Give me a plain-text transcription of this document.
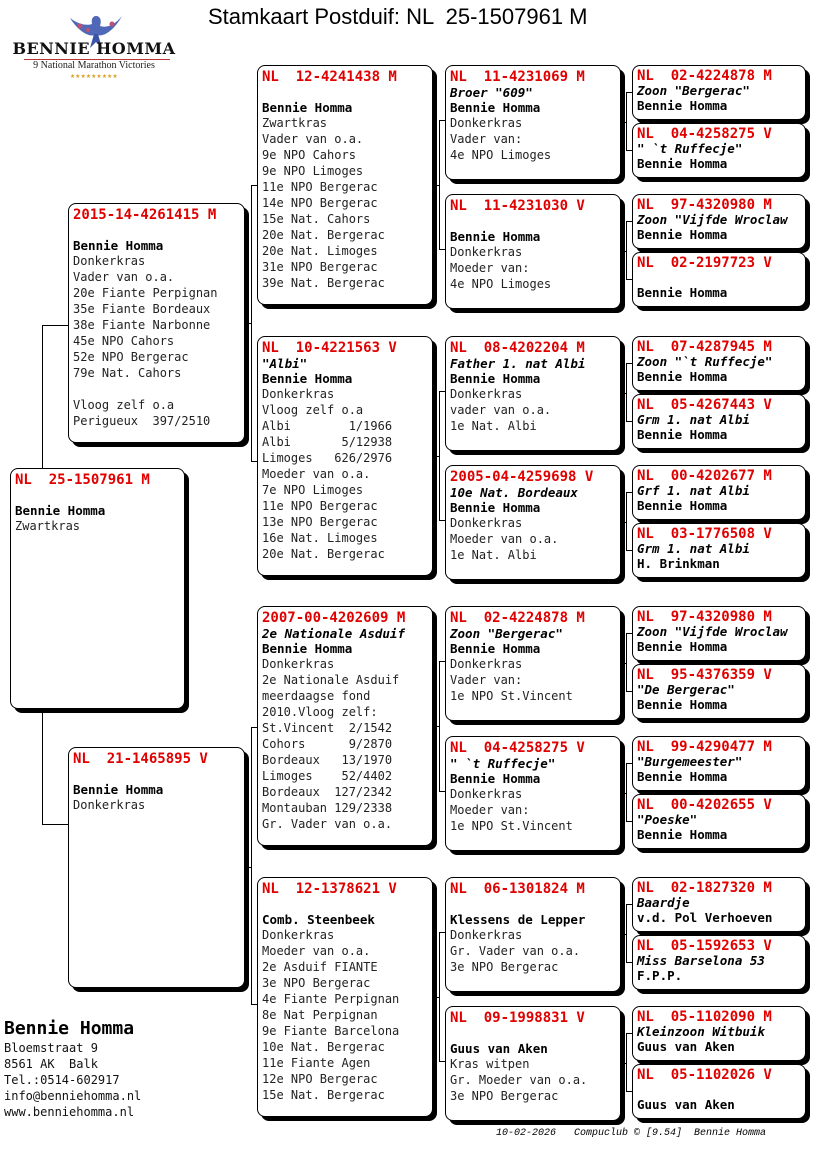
Stamkaart Postduif: NL  25-1507961 M
BENNIE HOMMA
9 National Marathon Victories
★★★★★★★★★
NL  25-1507961 M
Bennie Homma
Zwartkras
2015-14-4261415 M
Bennie Homma
Donkerkras
Vader van o.a.
20e Fiante Perpignan
35e Fiante Bordeaux
38e Fiante Narbonne
45e NPO Cahors
52e NPO Bergerac
79e Nat. Cahors
Vloog zelf o.a
Perigueux  397/2510
NL  21-1465895 V
Bennie Homma
Donkerkras
NL  12-4241438 M
Bennie Homma
Zwartkras
Vader van o.a.
9e NPO Cahors
9e NPO Limoges
11e NPO Bergerac
14e NPO Bergerac
15e Nat. Cahors
20e Nat. Bergerac
20e Nat. Limoges
31e NPO Bergerac
39e Nat. Bergerac
NL  10-4221563 V
"Albi"
Bennie Homma
Donkerkras
Vloog zelf o.a
Albi        1/1966
Albi       5/12938
Limoges   626/2976
Moeder van o.a.
7e NPO Limoges
11e NPO Bergerac
13e NPO Bergerac
16e Nat. Limoges
20e Nat. Bergerac
2007-00-4202609 M
2e Nationale Asduif
Bennie Homma
Donkerkras
2e Nationale Asduif
meerdaagse fond
2010.Vloog zelf:
St.Vincent  2/1542
Cohors      9/2870
Bordeaux   13/1970
Limoges    52/4402
Bordeaux  127/2342
Montauban 129/2338
Gr. Vader van o.a.
NL  12-1378621 V
Comb. Steenbeek
Donkerkras
Moeder van o.a.
2e Asduif FIANTE
3e NPO Bergerac
4e Fiante Perpignan
8e Nat Perpignan
9e Fiante Barcelona
10e Nat. Bergerac
11e Fiante Agen
12e NPO Bergerac
15e Nat. Bergerac
NL  11-4231069 M
Broer "609"
Bennie Homma
Donkerkras
Vader van:
4e NPO Limoges
NL  11-4231030 V
Bennie Homma
Donkerkras
Moeder van:
4e NPO Limoges
NL  08-4202204 M
Father 1. nat Albi
Bennie Homma
Donkerkras
vader van o.a.
1e Nat. Albi
2005-04-4259698 V
10e Nat. Bordeaux
Bennie Homma
Donkerkras
Moeder van o.a.
1e Nat. Albi
NL  02-4224878 M
Zoon "Bergerac"
Bennie Homma
Donkerkras
Vader van:
1e NPO St.Vincent
NL  04-4258275 V
" `t Ruffecje"
Bennie Homma
Donkerkras
Moeder van:
1e NPO St.Vincent
NL  06-1301824 M
Klessens de Lepper
Donkerkras
Gr. Vader van o.a.
3e NPO Bergerac
NL  09-1998831 V
Guus van Aken
Kras witpen
Gr. Moeder van o.a.
3e NPO Bergerac
NL  02-4224878 M
Zoon "Bergerac"
Bennie Homma
NL  04-4258275 V
" `t Ruffecje"
Bennie Homma
NL  97-4320980 M
Zoon "Vijfde Wroclaw
Bennie Homma
NL  02-2197723 V
Bennie Homma
NL  07-4287945 M
Zoon "`t Ruffecje"
Bennie Homma
NL  05-4267443 V
Grm 1. nat Albi
Bennie Homma
NL  00-4202677 M
Grf 1. nat Albi
Bennie Homma
NL  03-1776508 V
Grm 1. nat Albi
H. Brinkman
NL  97-4320980 M
Zoon "Vijfde Wroclaw
Bennie Homma
NL  95-4376359 V
"De Bergerac"
Bennie Homma
NL  99-4290477 M
"Burgemeester"
Bennie Homma
NL  00-4202655 V
"Poeske"
Bennie Homma
NL  02-1827320 M
Baardje
v.d. Pol Verhoeven
NL  05-1592653 V
Miss Barselona 53
F.P.P.
NL  05-1102090 M
Kleinzoon Witbuik
Guus van Aken
NL  05-1102026 V
Guus van Aken
Bennie Homma
Bloemstraat 9
8561 AK  Balk
Tel.:0514-602917
info@benniehomma.nl
www.benniehomma.nl
10-02-2026   Compuclub © [9.54]  Bennie Homma
